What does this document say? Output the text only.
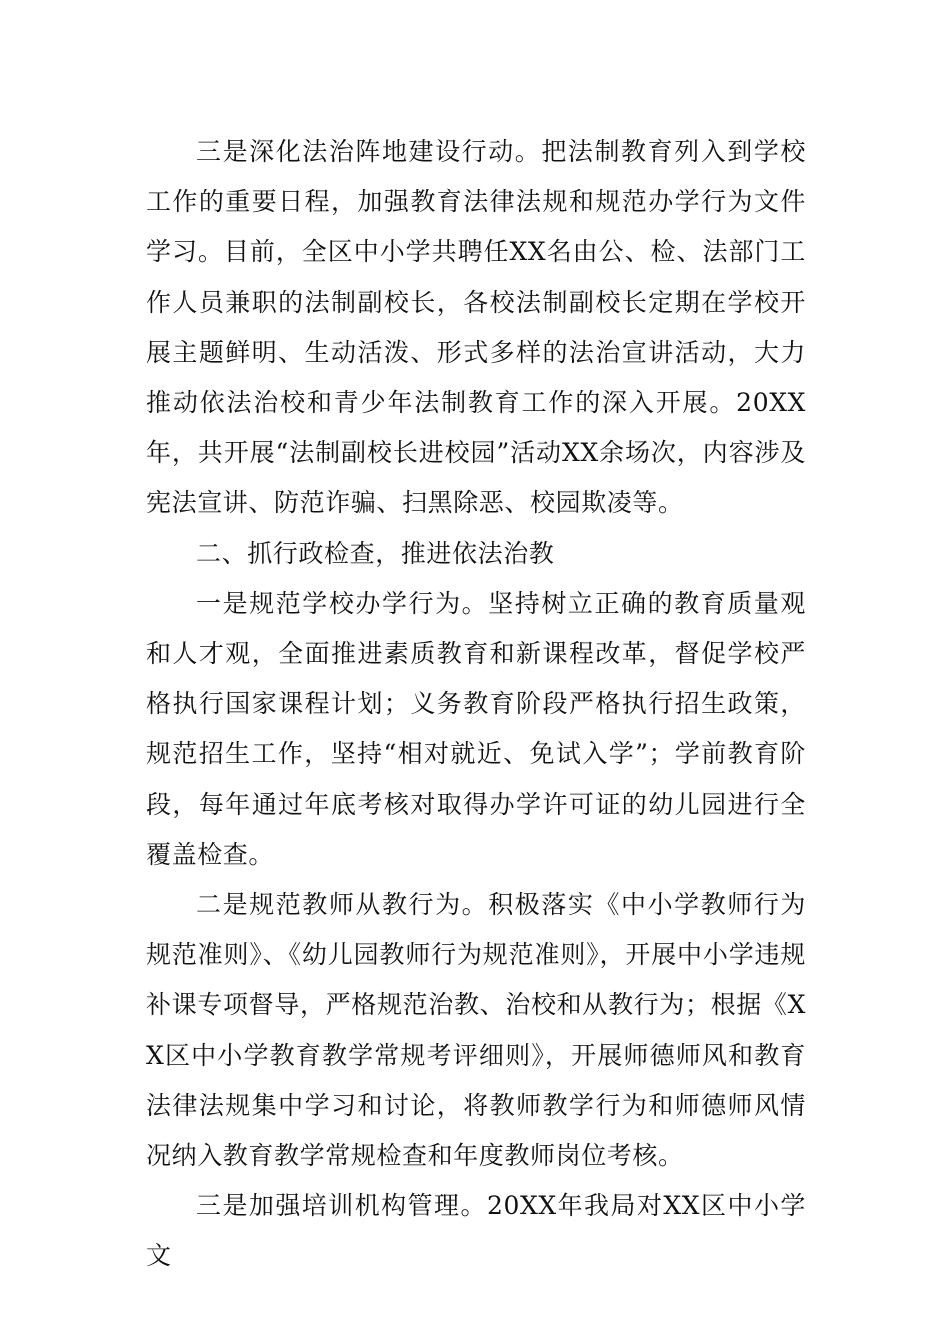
三是深化法治阵地建设行动。把法制教育列入到学校工作的重要日程，加强教育法律法规和规范办学行为文件学习。目前，全区中小学共聘任XX名由公、检、法部门工作人员兼职的法制副校长，各校法制副校长定期在学校开展主题鲜明、生动活泼、形式多样的法治宣讲活动，大力推动依法治校和青少年法制教育工作的深入开展。20XX年，共开展“法制副校长进校园”活动XX余场次，内容涉及宪法宣讲、防范诈骗、扫黑除恶、校园欺凌等。

二、抓行政检查，推进依法治教

一是规范学校办学行为。坚持树立正确的教育质量观和人才观，全面推进素质教育和新课程改革，督促学校严格执行国家课程计划；义务教育阶段严格执行招生政策，规范招生工作，坚持“相对就近、免试入学”；学前教育阶段，每年通过年底考核对取得办学许可证的幼儿园进行全覆盖检查。

二是规范教师从教行为。积极落实《中小学教师行为规范准则》、《幼儿园教师行为规范准则》，开展中小学违规补课专项督导，严格规范治教、治校和从教行为；根据《XX区中小学教育教学常规考评细则》，开展师德师风和教育法律法规集中学习和讨论，将教师教学行为和师德师风情况纳入教育教学常规检查和年度教师岗位考核。

三是加强培训机构管理。20XX年我局对XX区中小学文
